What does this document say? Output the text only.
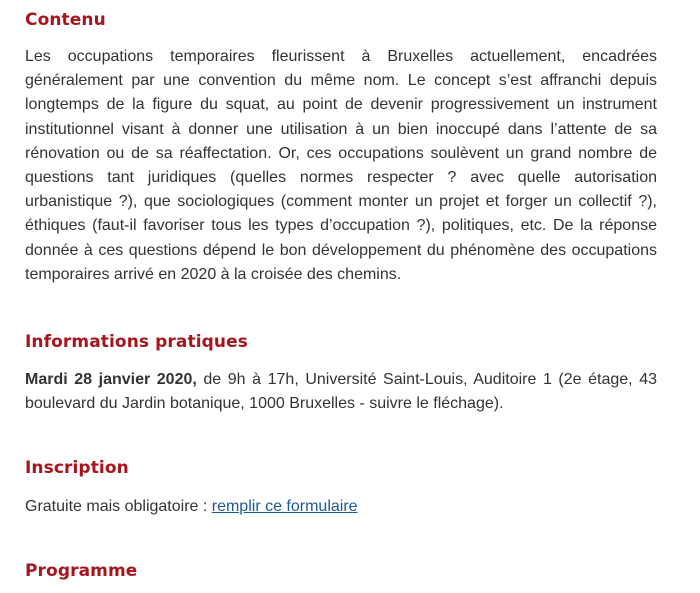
Contenu

Les occupations temporaires fleurissent à Bruxelles actuellement, encadrées généralement par une convention du même nom. Le concept s’est affranchi depuis longtemps de la figure du squat, au point de devenir progressivement un instrument institutionnel visant à donner une utilisation à un bien inoccupé dans l’attente de sa rénovation ou de sa réaffectation. Or, ces occupations soulèvent un grand nombre de questions tant juridiques (quelles normes respecter ? avec quelle autorisation urbanistique ?), que sociologiques (comment monter un projet et forger un collectif ?), éthiques (faut-il favoriser tous les types d’occupation ?), politiques, etc. De la réponse donnée à ces questions dépend le bon développement du phénomène des occupations temporaires arrivé en 2020 à la croisée des chemins.

Informations pratiques

Mardi 28 janvier 2020, de 9h à 17h, Université Saint-Louis, Auditoire 1 (2e étage, 43 boulevard du Jardin botanique, 1000 Bruxelles - suivre le fléchage).

Inscription

Gratuite mais obligatoire : remplir ce formulaire

Programme
